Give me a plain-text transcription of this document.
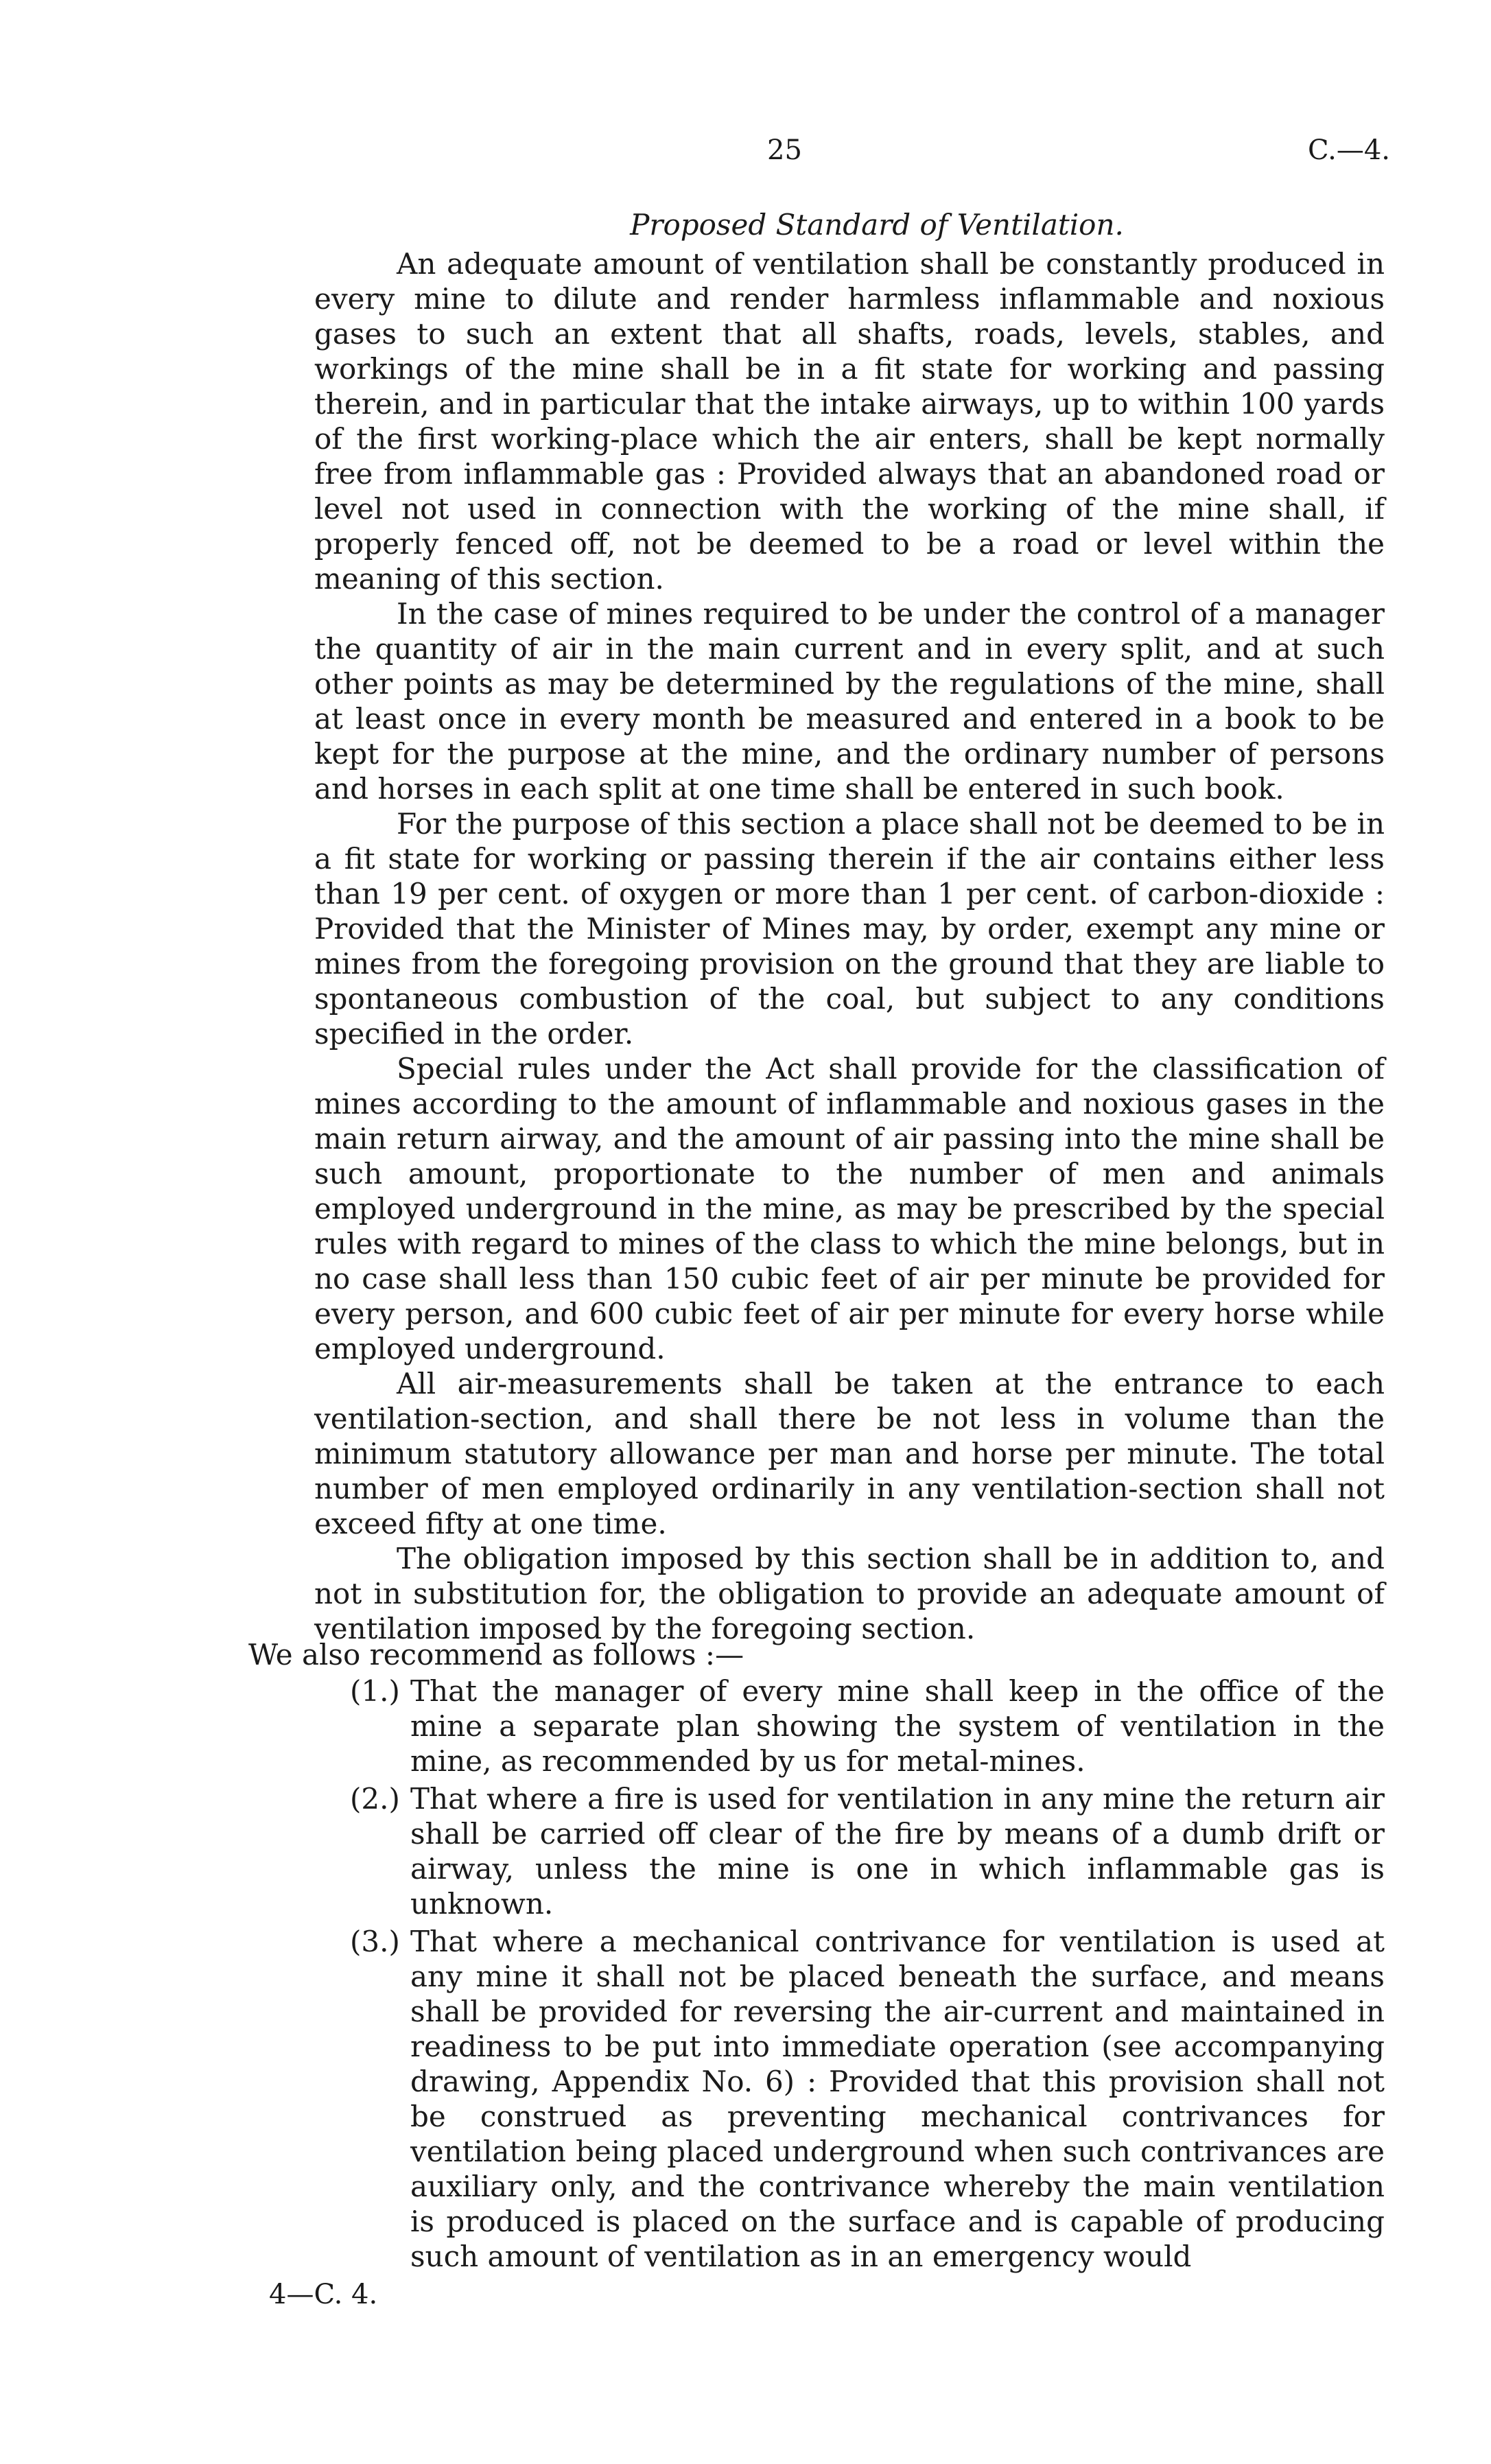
25	C.—4.

Proposed Standard of Ventilation.

An adequate amount of ventilation shall be constantly produced in every mine to dilute and render harmless inflammable and noxious gases to such an extent that all shafts, roads, levels, stables, and workings of the mine shall be in a fit state for working and passing therein, and in particular that the intake airways, up to within 100 yards of the first working-place which the air enters, shall be kept normally free from inflammable gas : Provided always that an abandoned road or level not used in connection with the working of the mine shall, if properly fenced off, not be deemed to be a road or level within the meaning of this section.

In the case of mines required to be under the control of a manager the quantity of air in the main current and in every split, and at such other points as may be determined by the regulations of the mine, shall at least once in every month be measured and entered in a book to be kept for the purpose at the mine, and the ordinary number of persons and horses in each split at one time shall be entered in such book.

For the purpose of this section a place shall not be deemed to be in a fit state for working or passing therein if the air contains either less than 19 per cent. of oxygen or more than 1 per cent. of carbon-dioxide : Provided that the Minister of Mines may, by order, exempt any mine or mines from the foregoing provision on the ground that they are liable to spontaneous combustion of the coal, but subject to any conditions specified in the order.

Special rules under the Act shall provide for the classification of mines according to the amount of inflammable and noxious gases in the main return airway, and the amount of air passing into the mine shall be such amount, proportionate to the number of men and animals employed underground in the mine, as may be prescribed by the special rules with regard to mines of the class to which the mine belongs, but in no case shall less than 150 cubic feet of air per minute be provided for every person, and 600 cubic feet of air per minute for every horse while employed underground.

All air-measurements shall be taken at the entrance to each ventilation-section, and shall there be not less in volume than the minimum statutory allowance per man and horse per minute. The total number of men employed ordinarily in any ventilation-section shall not exceed fifty at one time.

The obligation imposed by this section shall be in addition to, and not in substitution for, the obligation to provide an adequate amount of ventilation imposed by the foregoing section.

We also recommend as follows :—

(1.) That the manager of every mine shall keep in the office of the mine a separate plan showing the system of ventilation in the mine, as recommended by us for metal-mines.

(2.) That where a fire is used for ventilation in any mine the return air shall be carried off clear of the fire by means of a dumb drift or airway, unless the mine is one in which inflammable gas is unknown.

(3.) That where a mechanical contrivance for ventilation is used at any mine it shall not be placed beneath the surface, and means shall be provided for reversing the air-current and maintained in readiness to be put into immediate operation (see accompanying drawing, Appendix No. 6) : Provided that this provision shall not be construed as preventing mechanical contrivances for ventilation being placed underground when such contrivances are auxiliary only, and the contrivance whereby the main ventilation is produced is placed on the surface and is capable of producing such amount of ventilation as in an emergency would

4—C. 4.
